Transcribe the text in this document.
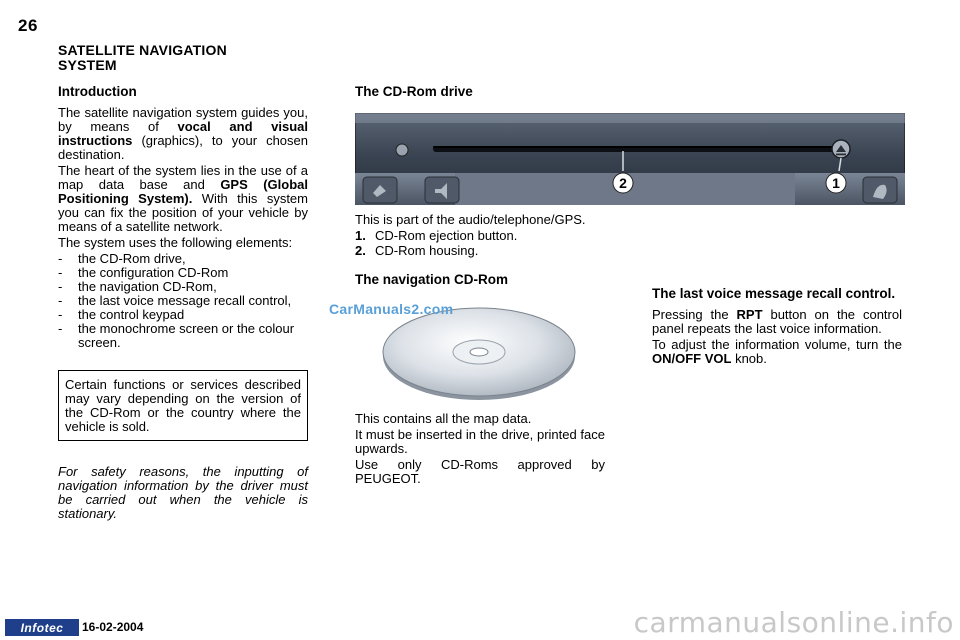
26
SATELLITE NAVIGATION
SYSTEM
Introduction

The satellite navigation system guides you, by means of vocal and visual instructions (graphics), to your chosen destination.

The heart of the system lies in the use of a map data base and GPS (Global Positioning System). With this system you can fix the position of your vehicle by means of a satellite network.

The system uses the following elements:

- the CD-Rom drive,
- the configuration CD-Rom
- the navigation CD-Rom,
- the last voice message recall control,
- the control keypad
- the monochrome screen or the colour screen.
Certain functions or services described may vary depending on the version of the CD-Rom or the country where the vehicle is sold.

For safety reasons, the inputting of navigation information by the driver must be carried out when the vehicle is stationary.

The CD-Rom drive
2	1

This is part of the audio/telephone/GPS.

1. CD-Rom ejection button.

2. CD-Rom housing.

The navigation CD-Rom
CarManuals2.com

This contains all the map data.

It must be inserted in the drive, printed face upwards.

Use only CD-Roms approved by PEUGEOT.

The last voice message recall control.

Pressing the RPT button on the control panel repeats the last voice information.

To adjust the information volume, turn the ON/OFF VOL knob.

Infotec	16-02-2004	carmanualsonline.info
